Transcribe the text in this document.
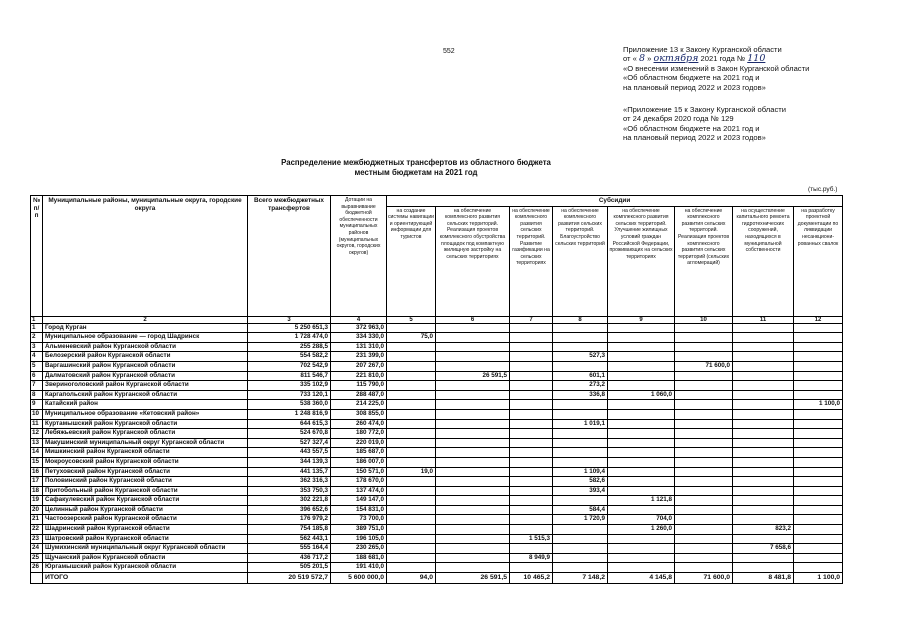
552	Приложение 13 к Закону Курганской области
от « 8 » октября 2021 года № 110
«О внесении изменений в Закон Курганской области
«Об областном бюджете на 2021 год и
на плановый период 2022 и 2023 годов»
«Приложение 15 к Закону Курганской области
от 24 декабря 2020 года № 129
«Об областном бюджете на 2021 год и
на плановый период 2022 и 2023 годов»
Распределение межбюджетных трансфертов из областного бюджета
местным бюджетам на 2021 год
(тыс.руб.)
№ п/п	Муниципальные районы, муниципальные округа, городские округа	Всего межбюджетных трансфертов	Дотации на выравнивание бюджетной обеспеченности муниципальных районов (муниципальных округов, городских округов)	Субсидии							
				на создание системы навигации и ориентирующей информации для туристов	на обеспечение комплексного развития сельских территорий. Реализация проектов комплексного обустройства площадок под компактную жилищную застройку на сельских территориях	на обеспечение комплексного развития сельских территорий. Развитие газификации на сельских территориях	на обеспечение комплексного развития сельских территорий. Благоустройство сельских территорий	на обеспечение комплексного развития сельских территорий. Улучшение жилищных условий граждан Российской Федерации, проживающих на сельских территориях	на обеспечение комплексного развития сельских территорий. Реализация проектов комплексного развития сельских территорий (сельских агломераций)	на осуществление капитального ремонта гидротехнических сооружений, находящихся в муниципальной собственности	на разработку проектной документации по ликвидации несанкциони-рованных свалок
1	2	3	4	5	6	7	8	9	10	11	12
1	Город Курган	5 250 651,3	372 963,0								
2	Муниципальное образование — город Шадринск	1 728 474,0	334 330,0	75,0							
3	Альменевский район Курганской области	255 288,5	131 310,0								
4	Белозерский район Курганской области	554 582,2	231 399,0				527,3				
5	Варгашинский район Курганской области	702 542,9	207 267,0						71 600,0		
6	Далматовский район Курганской области	811 546,7	221 810,0		26 591,5		601,1				
7	Звериноголовский район Курганской области	335 102,9	115 790,0				273,2				
8	Каргапольский район Курганской области	733 120,1	288 487,0				336,8	1 060,0			
9	Катайский район	538 360,0	214 225,0								1 100,0
10	Муниципальное образование «Кетовский район»	1 248 816,9	308 855,0								
11	Куртамышский район Курганской области	644 615,3	260 474,0				1 019,1				
12	Лебяжьевский район Курганской области	524 670,8	180 772,0								
13	Макушинский муниципальный округ Курганской области	527 327,4	220 019,0								
14	Мишкинский район Курганской области	443 557,5	185 687,0								
15	Мокроусовский район Курганской области	344 139,3	186 007,0								
16	Петуховский район Курганской области	441 135,7	150 571,0	19,0			1 109,4				
17	Половинский район Курганской области	362 316,3	178 670,0				582,6				
18	Притобольный район Курганской области	353 750,3	137 474,0				393,4				
19	Сафакулевский район Курганской области	302 221,8	149 147,0					1 121,8			
20	Целинный район Курганской области	396 652,6	154 831,0				584,4				
21	Частоозерский район Курганской области	176 979,2	73 700,0				1 720,9	704,0			
22	Шадринский район Курганской области	754 185,8	389 751,0					1 260,0		823,2	
23	Шатровский район Курганской области	562 443,1	196 105,0			1 515,3					
24	Шумихинский муниципальный округ Курганской области	555 164,4	230 265,0							7 658,6	
25	Щучанский район Курганской области	436 717,2	188 681,0			8 949,9					
26	Юргамышский район Курганской области	505 201,5	191 410,0								
	ИТОГО	20 519 572,7	5 600 000,0	94,0	26 591,5	10 465,2	7 148,2	4 145,8	71 600,0	8 481,8	1 100,0
